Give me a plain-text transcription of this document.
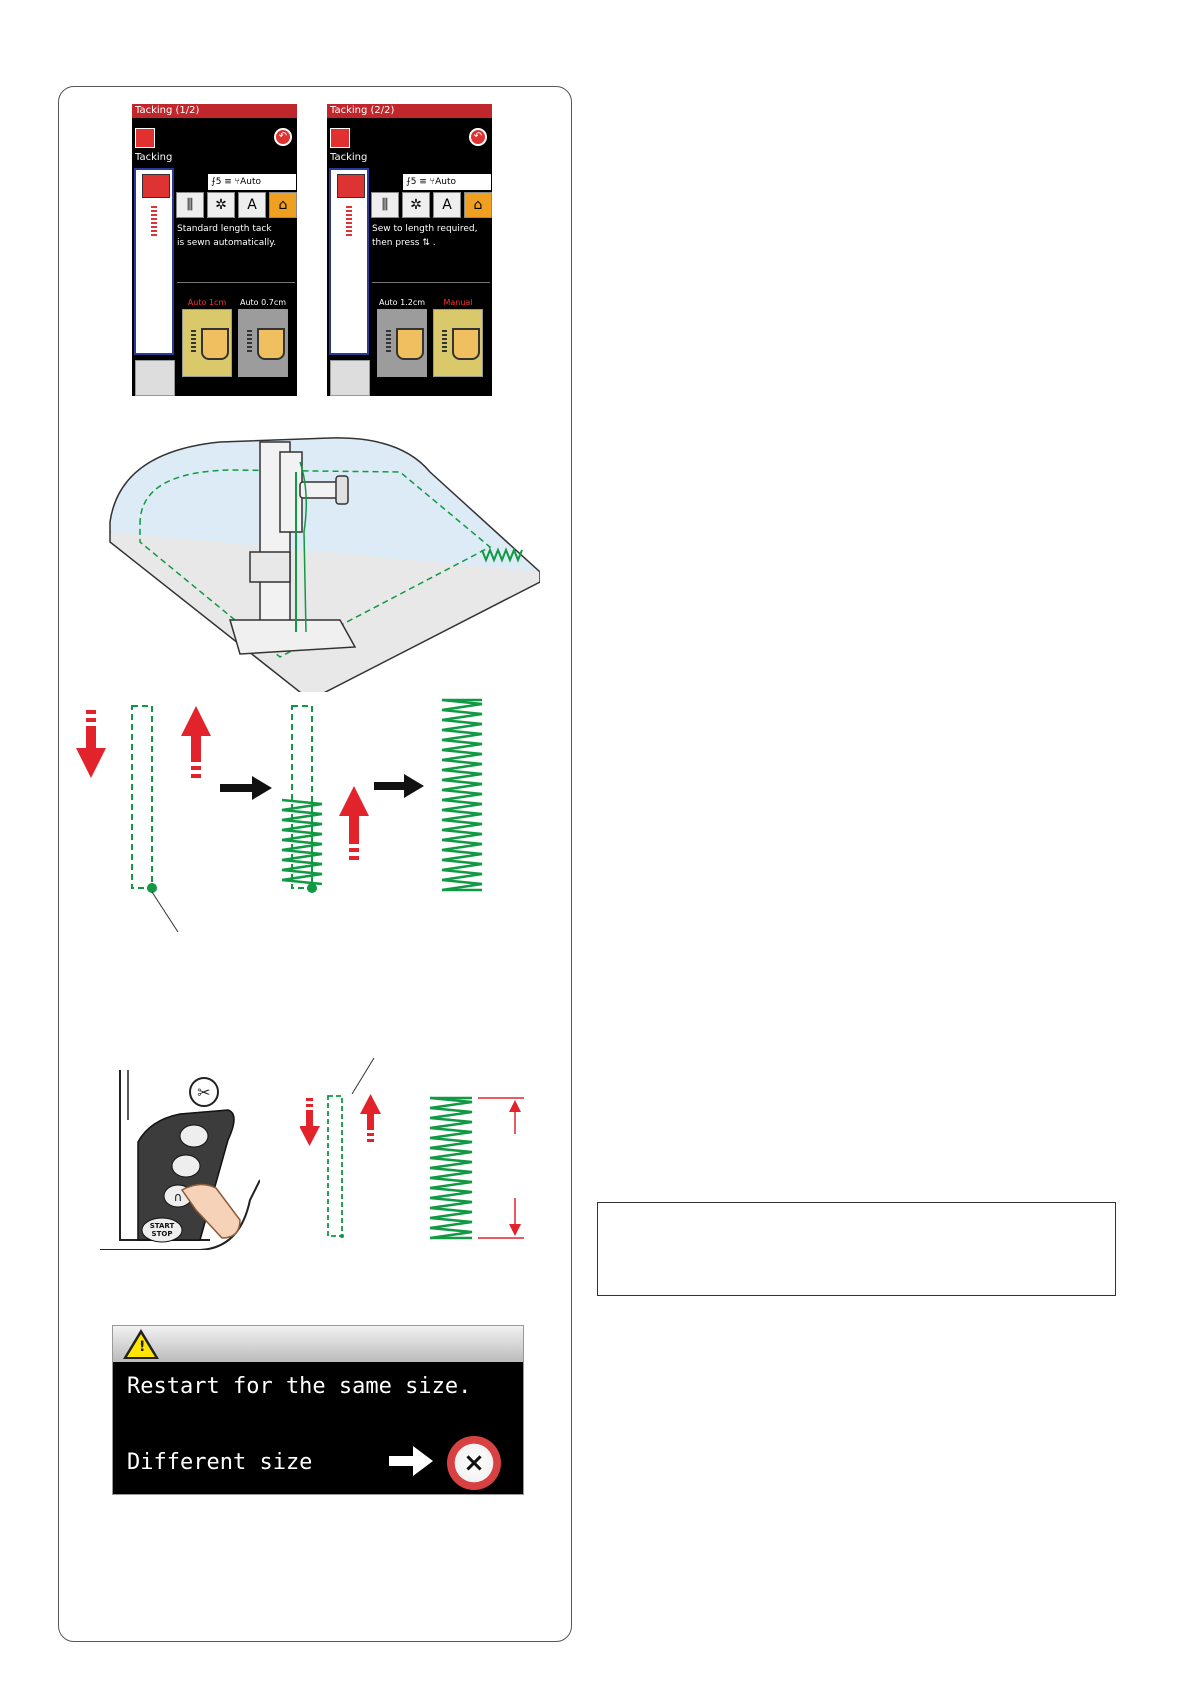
Tacking (1/2)
↶
Tacking
⨍5 ≡ ⑂Auto
⫼	✲	A	⌂
Standard length tack
is sewn automatically.
Auto 1cm	Auto 0.7cm
Tacking (2/2)
↶
Tacking
⨍5 ≡ ⑂Auto
⫼	✲	A	⌂
Sew to length required,
then press ⇅ .
Auto 1.2cm	Manual
✂
∩
START
STOP
!
Restart for the same size.
Different size	×
